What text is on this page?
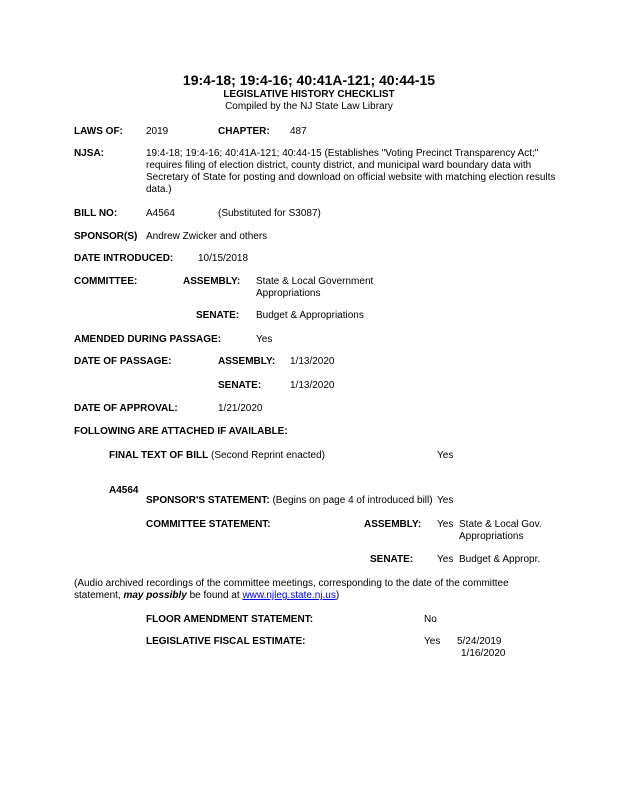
19:4-18; 19:4-16; 40:41A-121; 40:44-15
LEGISLATIVE HISTORY CHECKLIST
Compiled by the NJ State Law Library
LAWS OF: 2019	CHAPTER: 487
NJSA:	19:4-18; 19:4-16; 40:41A-121; 40:44-15 (Establishes "Voting Precinct Transparency Act;"
requires filing of election district, county district, and municipal ward boundary data with
Secretary of State for posting and download on official website with matching election results
data.)
BILL NO:	A4564	(Substituted for S3087)
SPONSOR(S) Andrew Zwicker and others
DATE INTRODUCED: 10/15/2018
COMMITTEE:	ASSEMBLY: State & Local Government
Appropriations
SENATE: Budget & Appropriations
AMENDED DURING PASSAGE:	Yes
DATE OF PASSAGE:	ASSEMBLY: 1/13/2020
SENATE:	1/13/2020
DATE OF APPROVAL:	1/21/2020
FOLLOWING ARE ATTACHED IF AVAILABLE:
FINAL TEXT OF BILL (Second Reprint enacted)	Yes
A4564
SPONSOR'S STATEMENT: (Begins on page 4 of introduced bill) Yes
COMMITTEE STATEMENT:	ASSEMBLY: Yes State & Local Gov.
Appropriations
SENATE: Yes Budget & Appropr.
(Audio archived recordings of the committee meetings, corresponding to the date of the committee
statement, may possibly be found at www.njleg.state.nj.us)
FLOOR AMENDMENT STATEMENT:	No
LEGISLATIVE FISCAL ESTIMATE:	Yes 5/24/2019
1/16/2020
